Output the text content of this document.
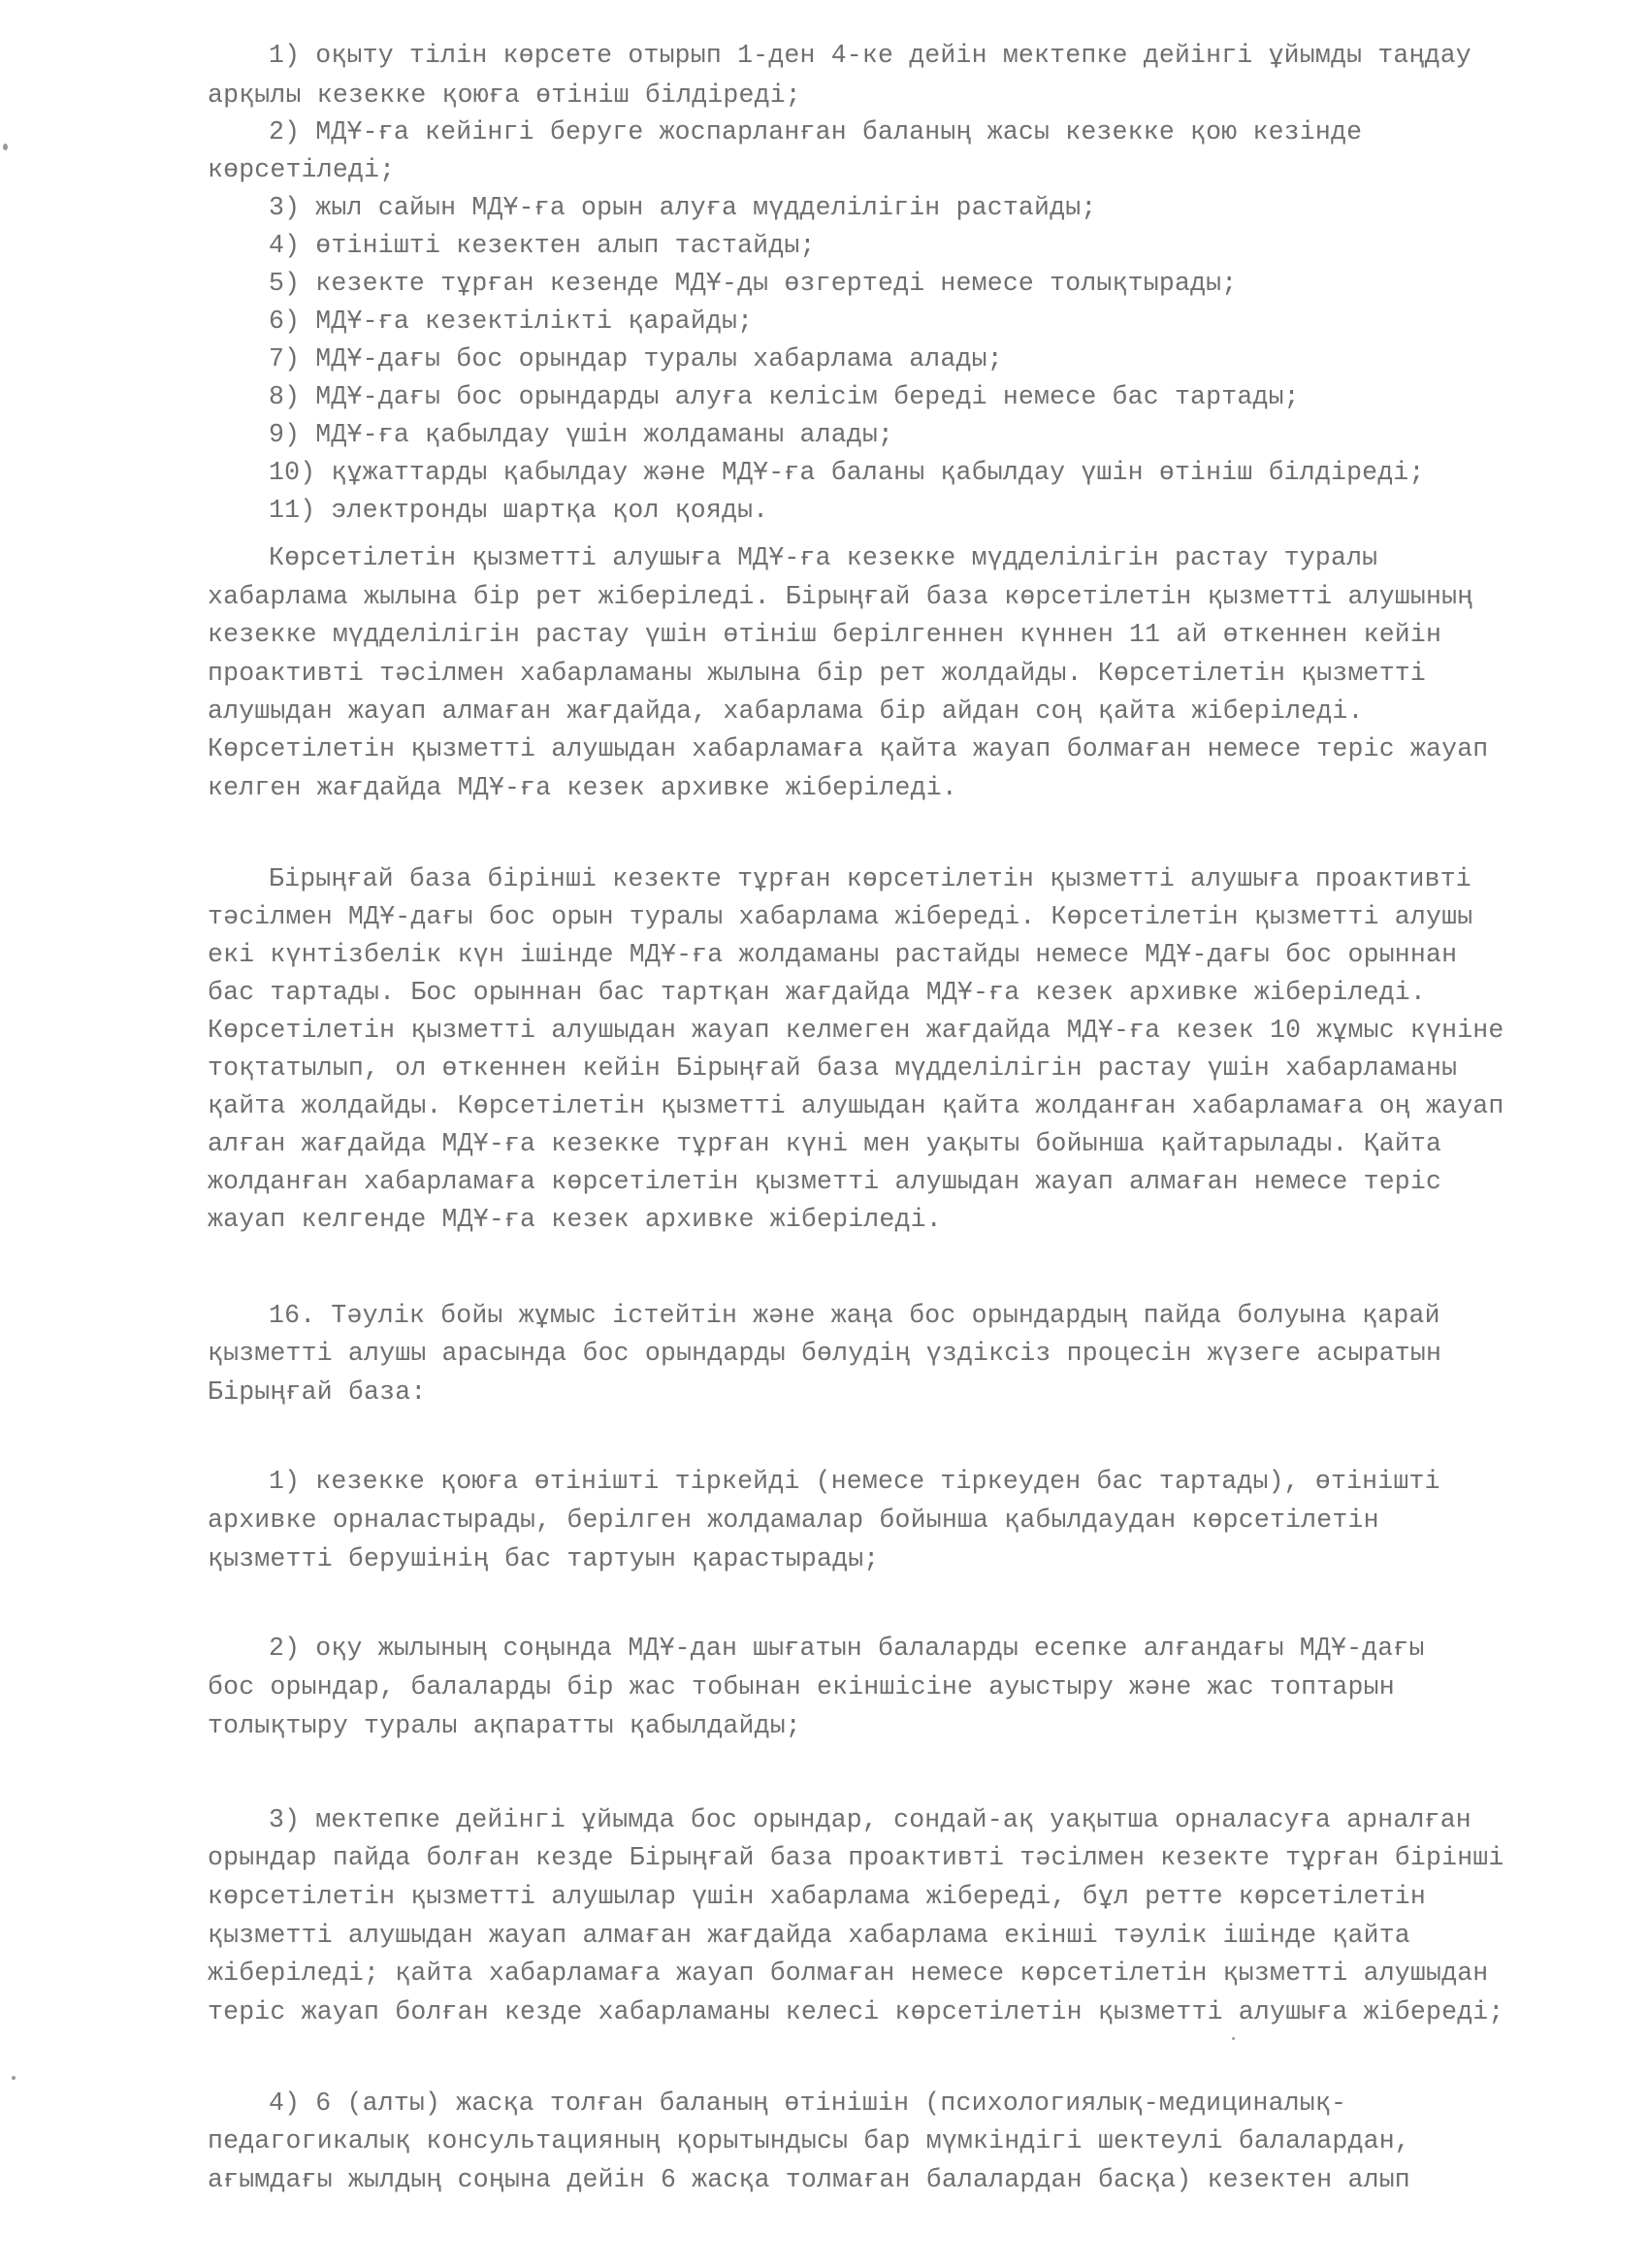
1) оқыту тілін көрсете отырып 1-ден 4-ке дейін мектепке дейінгі ұйымды таңдау
арқылы кезекке қоюға өтініш білдіреді;
2) МДҰ-ға кейінгі беруге жоспарланған баланың жасы кезекке қою кезінде
көрсетіледі;
3) жыл сайын МДҰ-ға орын алуға мүдделілігін растайды;
4) өтінішті кезектен алып тастайды;
5) кезекте тұрған кезенде МДҰ-ды өзгертеді немесе толықтырады;
6) МДҰ-ға кезектілікті қарайды;
7) МДҰ-дағы бос орындар туралы хабарлама алады;
8) МДҰ-дағы бос орындарды алуға келісім береді немесе бас тартады;
9) МДҰ-ға қабылдау үшін жолдаманы алады;
10) құжаттарды қабылдау және МДҰ-ға баланы қабылдау үшін өтініш білдіреді;
11) электронды шартқа қол қояды.
Көрсетілетін қызметті алушыға МДҰ-ға кезекке мүдделілігін растау туралы
хабарлама жылына бір рет жіберіледі. Бірыңғай база көрсетілетін қызметті алушының
кезекке мүдделілігін растау үшін өтініш берілгеннен күннен 11 ай өткеннен кейін
проактивті тәсілмен хабарламаны жылына бір рет жолдайды. Көрсетілетін қызметті
алушыдан жауап алмаған жағдайда, хабарлама бір айдан соң қайта жіберіледі.
Көрсетілетін қызметті алушыдан хабарламаға қайта жауап болмаған немесе теріс жауап
келген жағдайда МДҰ-ға кезек архивке жіберіледі.
Бірыңғай база бірінші кезекте тұрған көрсетілетін қызметті алушыға проактивті
тәсілмен МДҰ-дағы бос орын туралы хабарлама жібереді. Көрсетілетін қызметті алушы
екі күнтізбелік күн ішінде МДҰ-ға жолдаманы растайды немесе МДҰ-дағы бос орыннан
бас тартады. Бос орыннан бас тартқан жағдайда МДҰ-ға кезек архивке жіберіледі.
Көрсетілетін қызметті алушыдан жауап келмеген жағдайда МДҰ-ға кезек 10 жұмыс күніне
тоқтатылып, ол өткеннен кейін Бірыңғай база мүдделілігін растау үшін хабарламаны
қайта жолдайды. Көрсетілетін қызметті алушыдан қайта жолданған хабарламаға оң жауап
алған жағдайда МДҰ-ға кезекке тұрған күні мен уақыты бойынша қайтарылады. Қайта
жолданған хабарламаға көрсетілетін қызметті алушыдан жауап алмаған немесе теріс
жауап келгенде МДҰ-ға кезек архивке жіберіледі.
16. Тәулік бойы жұмыс істейтін және жаңа бос орындардың пайда болуына қарай
қызметті алушы арасында бос орындарды бөлудің үздіксіз процесін жүзеге асыратын
Бірыңғай база:
1) кезекке қоюға өтінішті тіркейді (немесе тіркеуден бас тартады), өтінішті
архивке орналастырады, берілген жолдамалар бойынша қабылдаудан көрсетілетін
қызметті берушінің бас тартуын қарастырады;
2) оқу жылының соңында МДҰ-дан шығатын балаларды есепке алғандағы МДҰ-дағы
бос орындар, балаларды бір жас тобынан екіншісіне ауыстыру және жас топтарын
толықтыру туралы ақпаратты қабылдайды;
3) мектепке дейінгі ұйымда бос орындар, сондай-ақ уақытша орналасуға арналған
орындар пайда болған кезде Бірыңғай база проактивті тәсілмен кезекте тұрған бірінші
көрсетілетін қызметті алушылар үшін хабарлама жібереді, бұл ретте көрсетілетін
қызметті алушыдан жауап алмаған жағдайда хабарлама екінші тәулік ішінде қайта
жіберіледі; қайта хабарламаға жауап болмаған немесе көрсетілетін қызметті алушыдан
теріс жауап болған кезде хабарламаны келесі көрсетілетін қызметті алушыға жібереді;
4) 6 (алты) жасқа толған баланың өтінішін (психологиялық-медициналық-
педагогикалық консультацияның қорытындысы бар мүмкіндігі шектеулі балалардан,
ағымдағы жылдың соңына дейін 6 жасқа толмаған балалардан басқа) кезектен алып
